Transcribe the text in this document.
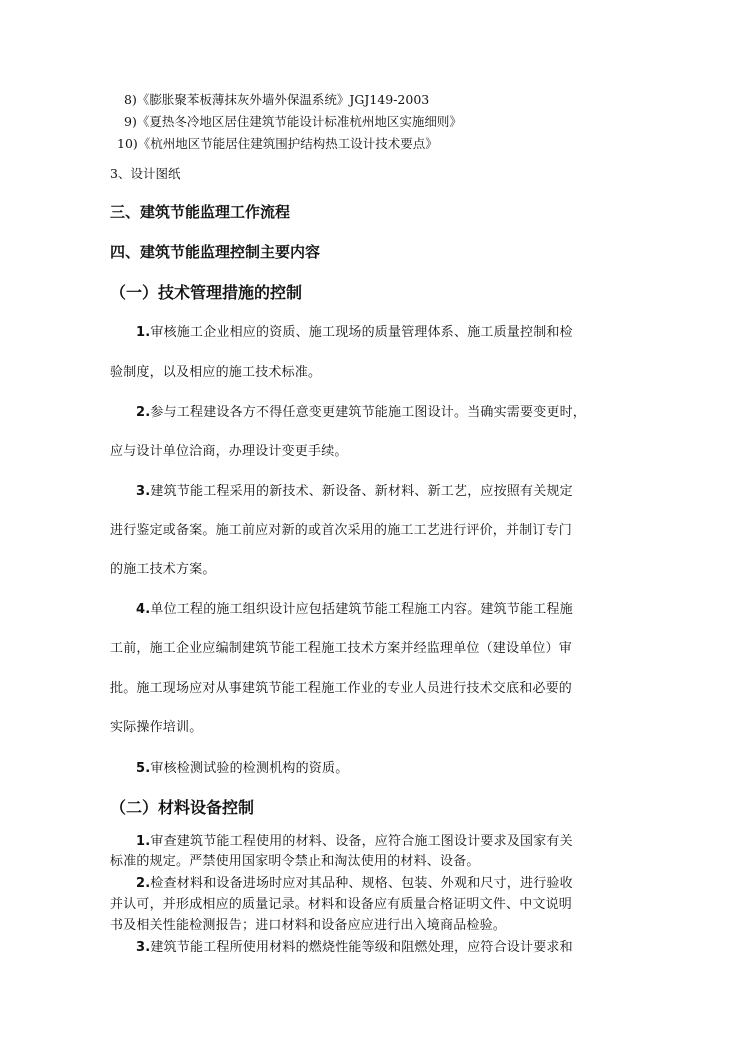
8)《膨胀聚苯板薄抹灰外墙外保温系统》JGJ149-2003
9)《夏热冬冷地区居住建筑节能设计标准杭州地区实施细则》
10)《杭州地区节能居住建筑围护结构热工设计技术要点》
3、设计图纸
三、建筑节能监理工作流程
四、建筑节能监理控制主要内容
（一）技术管理措施的控制
1.审核施工企业相应的资质、施工现场的质量管理体系、施工质量控制和检
验制度，以及相应的施工技术标准。
2.参与工程建设各方不得任意变更建筑节能施工图设计。当确实需要变更时，
应与设计单位洽商，办理设计变更手续。
3.建筑节能工程采用的新技术、新设备、新材料、新工艺，应按照有关规定
进行鉴定或备案。施工前应对新的或首次采用的施工工艺进行评价，并制订专门
的施工技术方案。
4.单位工程的施工组织设计应包括建筑节能工程施工内容。建筑节能工程施
工前，施工企业应编制建筑节能工程施工技术方案并经监理单位（建设单位）审
批。施工现场应对从事建筑节能工程施工作业的专业人员进行技术交底和必要的
实际操作培训。
5.审核检测试验的检测机构的资质。
（二）材料设备控制
1.审查建筑节能工程使用的材料、设备，应符合施工图设计要求及国家有关
标准的规定。严禁使用国家明令禁止和淘汰使用的材料、设备。
2.检查材料和设备进场时应对其品种、规格、包装、外观和尺寸，进行验收
并认可，并形成相应的质量记录。材料和设备应有质量合格证明文件、中文说明
书及相关性能检测报告；进口材料和设备应应进行出入境商品检验。
3.建筑节能工程所使用材料的燃烧性能等级和阻燃处理，应符合设计要求和
